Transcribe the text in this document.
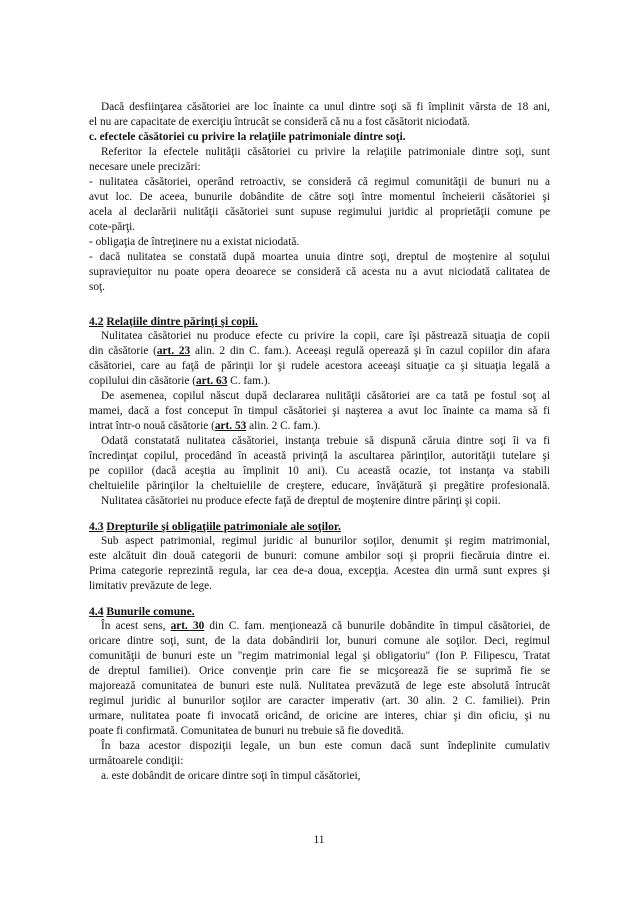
Dacă desfiinţarea căsătoriei are loc înainte ca unul dintre soţi să fi împlinit vârsta de 18 ani,
el nu are capacitate de exerciţiu întrucât se consideră că nu a fost căsătorit niciodată.
c. efectele căsătoriei cu privire la relaţiile patrimoniale dintre soţi.
Referitor la efectele nulităţii căsătoriei cu privire la relaţiile patrimoniale dintre soţi, sunt
necesare unele precizări:
- nulitatea căsătoriei, operând retroactiv, se consideră că regimul comunităţii de bunuri nu a
avut loc. De aceea, bunurile dobândite de către soţi între momentul încheierii căsătoriei şi
acela al declarării nulităţii căsătoriei sunt supuse regimului juridic al proprietăţii comune pe
cote-părţi.
- obligaţia de întreţinere nu a existat niciodată.
- dacă nulitatea se constată după moartea unuia dintre soţi, dreptul de moştenire al soţului
supravieţuitor nu poate opera deoarece se consideră că acesta nu a avut niciodată calitatea de
soţ.
4.2 Relaţiile dintre părinţi şi copii.
Nulitatea căsătoriei nu produce efecte cu privire la copii, care îşi păstrează situaţia de copii
din căsătorie (art. 23 alin. 2 din C. fam.). Aceeaşi regulă operează şi în cazul copiilor din afara
căsătoriei, care au faţă de părinţii lor şi rudele acestora aceeaşi situaţie ca şi situaţia legală a
copilului din căsătorie (art. 63 C. fam.).
De asemenea, copilul născut după declararea nulităţii căsătoriei are ca tată pe fostul soţ al
mamei, dacă a fost conceput în timpul căsătoriei şi naşterea a avut loc înainte ca mama să fi
intrat într-o nouă căsătorie (art. 53 alin. 2 C. fam.).
Odată constatată nulitatea căsătoriei, instanţa trebuie să dispună căruia dintre soţi îi va fi
încredinţat copilul, procedând în această privinţă la ascultarea părinţilor, autorităţii tutelare şi
pe copiilor (dacă aceştia au împlinit 10 ani). Cu această ocazie, tot instanţa va stabili
cheltuielile părinţilor la cheltuielile de creştere, educare, învăţătură şi pregătire profesională.
Nulitatea căsătoriei nu produce efecte faţă de dreptul de moştenire dintre părinţi şi copii.
4.3 Drepturile şi obligaţiile patrimoniale ale soţilor.
Sub aspect patrimonial, regimul juridic al bunurilor soţilor, denumit şi regim matrimonial,
este alcătuit din două categorii de bunuri: comune ambilor soţi şi proprii fiecăruia dintre ei.
Prima categorie reprezintă regula, iar cea de-a doua, excepţia. Acestea din urmă sunt expres şi
limitativ prevăzute de lege.
4.4 Bunurile comune.
În acest sens, art. 30 din C. fam. menţionează că bunurile dobândite în timpul căsătoriei, de
oricare dintre soţi, sunt, de la data dobândirii lor, bunuri comune ale soţilor. Deci, regimul
comunităţii de bunuri este un "regim matrimonial legal şi obligatoriu" (Ion P. Filipescu, Tratat
de dreptul familiei). Orice convenţie prin care fie se micşorează fie se suprimă fie se
majorează comunitatea de bunuri este nulă. Nulitatea prevăzută de lege este absolută întrucât
regimul juridic al bunurilor soţilor are caracter imperativ (art. 30 alin. 2 C. familiei). Prin
urmare, nulitatea poate fi invocată oricând, de oricine are interes, chiar şi din oficiu, şi nu
poate fi confirmată. Comunitatea de bunuri nu trebuie să fie dovedită.
În baza acestor dispoziţii legale, un bun este comun dacă sunt îndeplinite cumulativ
următoarele condiţii:
a. este dobândit de oricare dintre soţi în timpul căsătoriei,
11
